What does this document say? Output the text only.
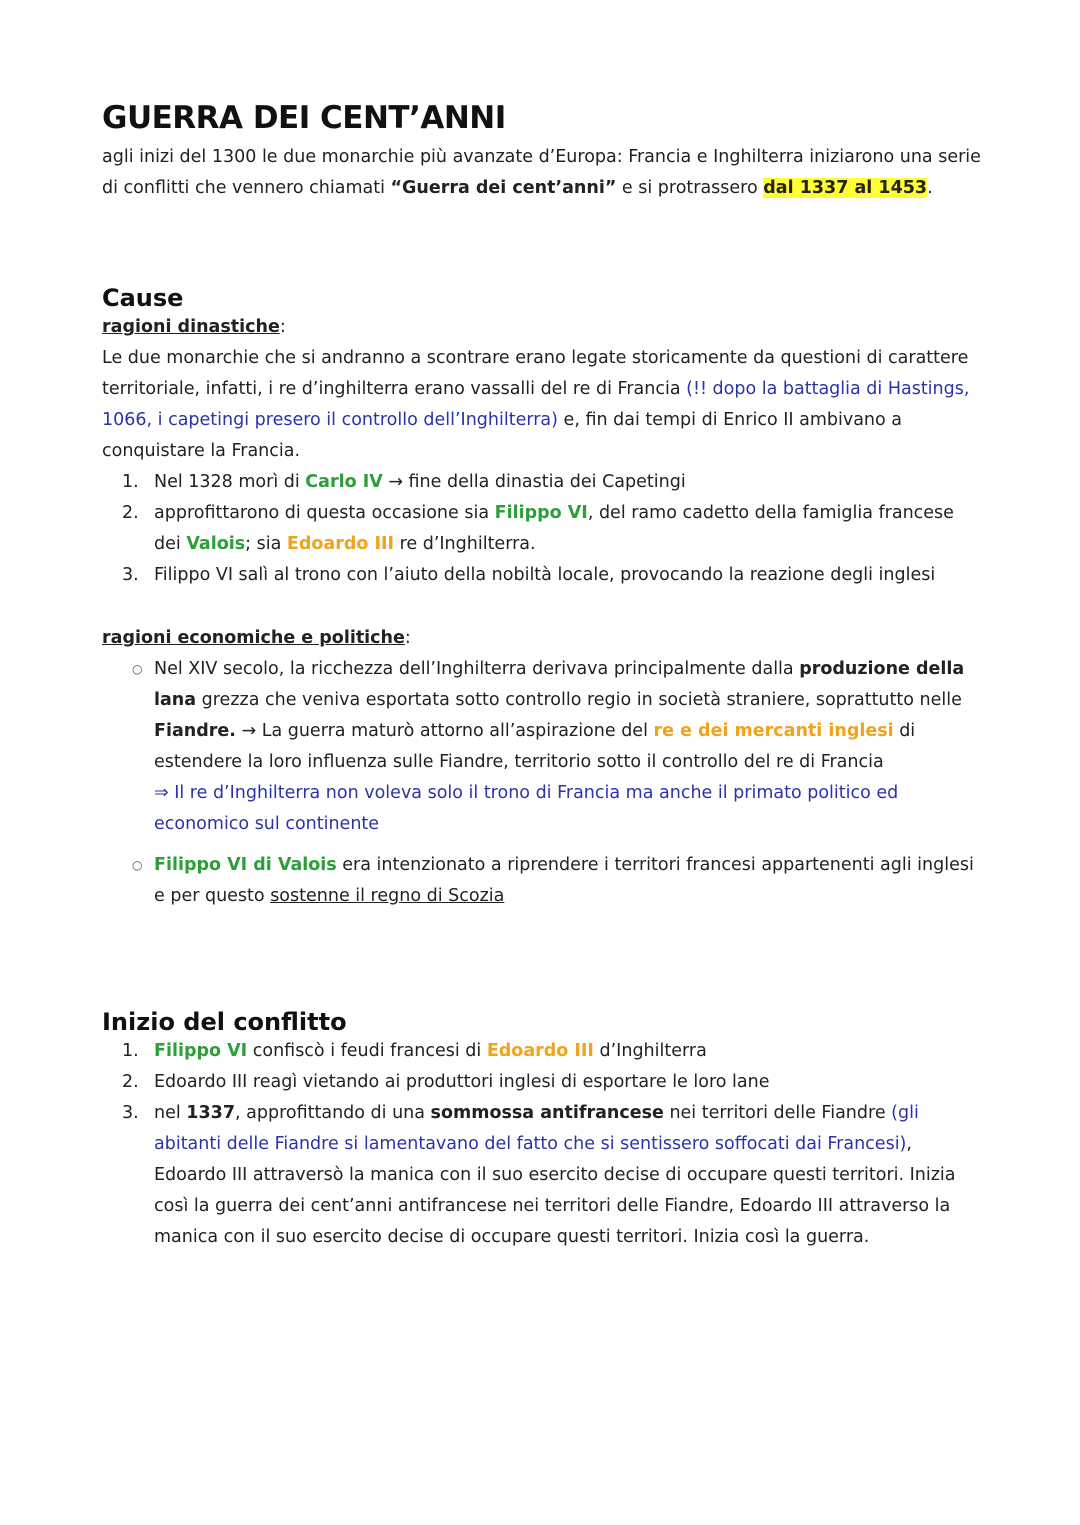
GUERRA DEI CENT’ANNI

agli inizi del 1300 le due monarchie più avanzate d’Europa: Francia e Inghilterra iniziarono una serie di conflitti che vennero chiamati “Guerra dei cent’anni” e si protrassero dal 1337 al 1453.

Cause
ragioni dinastiche:

Le due monarchie che si andranno a scontrare erano legate storicamente da questioni di carattere territoriale, infatti, i re d’inghilterra erano vassalli del re di Francia (!! dopo la battaglia di Hastings, 1066, i capetingi presero il controllo dell’Inghilterra) e, fin dai tempi di Enrico II ambivano a conquistare la Francia.

1. Nel 1328 morì di Carlo IV → fine della dinastia dei Capetingi
2. approfittarono di questa occasione sia Filippo VI, del ramo cadetto della famiglia francese dei Valois; sia Edoardo III re d’Inghilterra.
3. Filippo VI salì al trono con l’aiuto della nobiltà locale, provocando la reazione degli inglesi
ragioni economiche e politiche:
○ Nel XIV secolo, la ricchezza dell’Inghilterra derivava principalmente dalla produzione della lana grezza che veniva esportata sotto controllo regio in società straniere, soprattutto nelle Fiandre. → La guerra maturò attorno all’aspirazione del re e dei mercanti inglesi di estendere la loro influenza sulle Fiandre, territorio sotto il controllo del re di Francia
⇒ Il re d’Inghilterra non voleva solo il trono di Francia ma anche il primato politico ed economico sul continente
○ Filippo VI di Valois era intenzionato a riprendere i territori francesi appartenenti agli inglesi e per questo sostenne il regno di Scozia
Inizio del conflitto
1. Filippo VI confiscò i feudi francesi di Edoardo III d’Inghilterra
2. Edoardo III reagì vietando ai produttori inglesi di esportare le loro lane
3. nel 1337, approfittando di una sommossa antifrancese nei territori delle Fiandre (gli abitanti delle Fiandre si lamentavano del fatto che si sentissero soffocati dai Francesi), Edoardo III attraversò la manica con il suo esercito decise di occupare questi territori. Inizia così la guerra dei cent’anni antifrancese nei territori delle Fiandre, Edoardo III attraverso la manica con il suo esercito decise di occupare questi territori. Inizia così la guerra.
